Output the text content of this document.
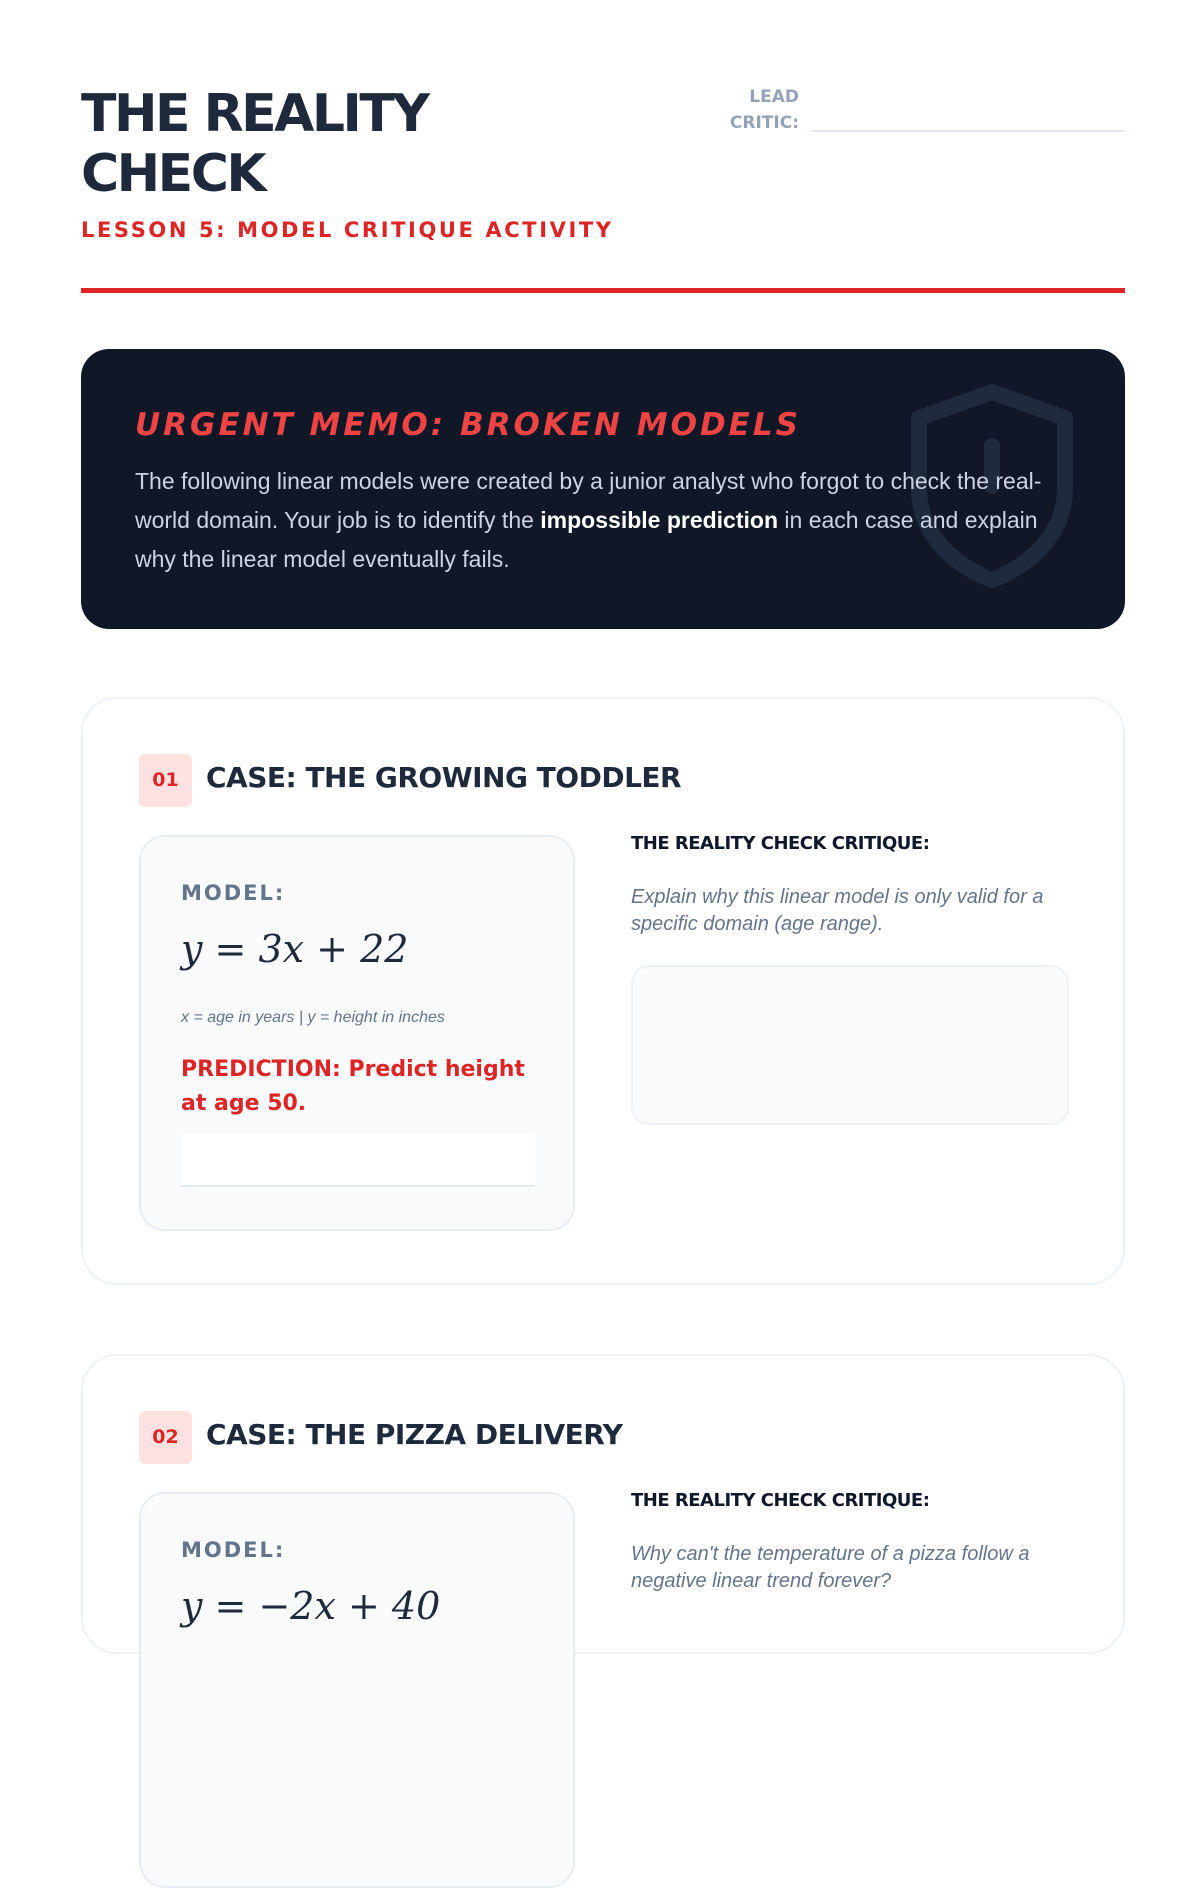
THE REALITY
CHECK
LESSON 5: MODEL CRITIQUE ACTIVITY
LEAD
CRITIC:
URGENT MEMO: BROKEN MODELS
The following linear models were created by a junior analyst who forgot to check the real-world domain. Your job is to identify the impossible prediction in each case and explain why the linear model eventually fails.
01 CASE: THE GROWING TODDLER
MODEL:
y = 3x + 22
x = age in years | y = height in inches
PREDICTION: Predict height at age 50.
THE REALITY CHECK CRITIQUE:
Explain why this linear model is only valid for a specific domain (age range).
02 CASE: THE PIZZA DELIVERY
MODEL:
y = −2x + 40
THE REALITY CHECK CRITIQUE:
Why can't the temperature of a pizza follow a negative linear trend forever?
